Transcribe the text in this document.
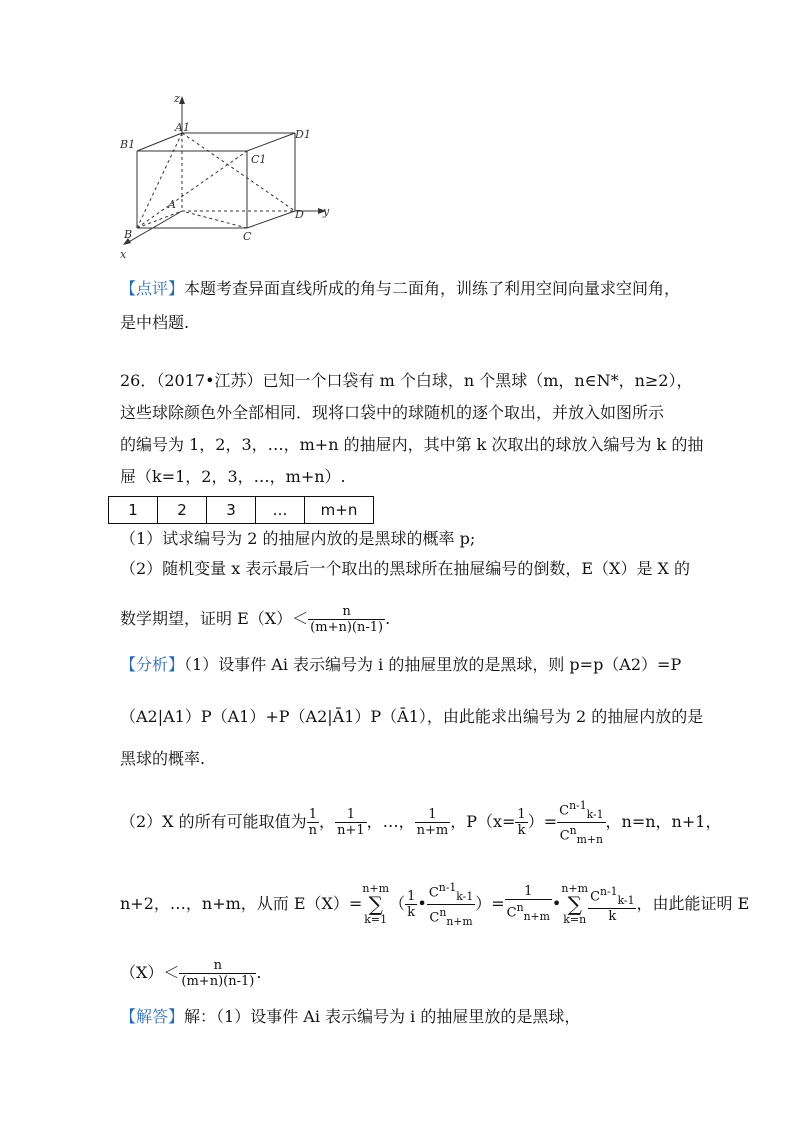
z
A1
B1
D1
C1
A
D y
B	C
x
【点评】本题考查异面直线所成的角与二面角，训练了利用空间向量求空间角，
是中档题.
26．（2017•江苏）已知一个口袋有 m 个白球，n 个黑球（m，n∈N*，n≥2），
这些球除颜色外全部相同．现将口袋中的球随机的逐个取出，并放入如图所示
的编号为 1，2，3，…，m+n 的抽屉内，其中第 k 次取出的球放入编号为 k 的抽
屉（k=1，2，3，…，m+n）.
1	2	3	…	m+n
（1）试求编号为 2 的抽屉内放的是黑球的概率 p;
（2）随机变量 x 表示最后一个取出的黑球所在抽屉编号的倒数，E（X）是 X 的
数学期望，证明 $E(X)< \frac{n}{(m+n)(n-1)}$ .
【分析】（1）设事件 Ai 表示编号为 i 的抽屉里放的是黑球，则 p=p（A2）=P
（A2|A1）P（A1）+P（A2|Ā1）P（Ā1），由此能求出编号为 2 的抽屉内放的是
黑球的概率.
（2）X 的所有可能取值为 $\frac{1}{n}$ ， $\frac{1}{n+1}$ ，…， $\frac{1}{n+m}$ ，$P(x= \frac{1}{k}$ ）= $\frac{C^{n-1}_{k-1}}{C^n_{m+n}}$ ，n=n，n+1，
n+2，…，n+m，从而 E（X）=n+m
∑
$k=1( \frac{1}{k}$ • $\frac{C^{n-1}_{k-1}}{C^n_{n+m}}$ ）= $\frac{1}{C^n_{n+m}}$ •n+m
∑
$k=n \frac{C^{n-1}_{k-1}}{k}$ ，由此能证明 E
$(X)< \frac{n}{(m+n)(n-1)}$ .
【解答】解：（1）设事件 Ai 表示编号为 i 的抽屉里放的是黑球，
